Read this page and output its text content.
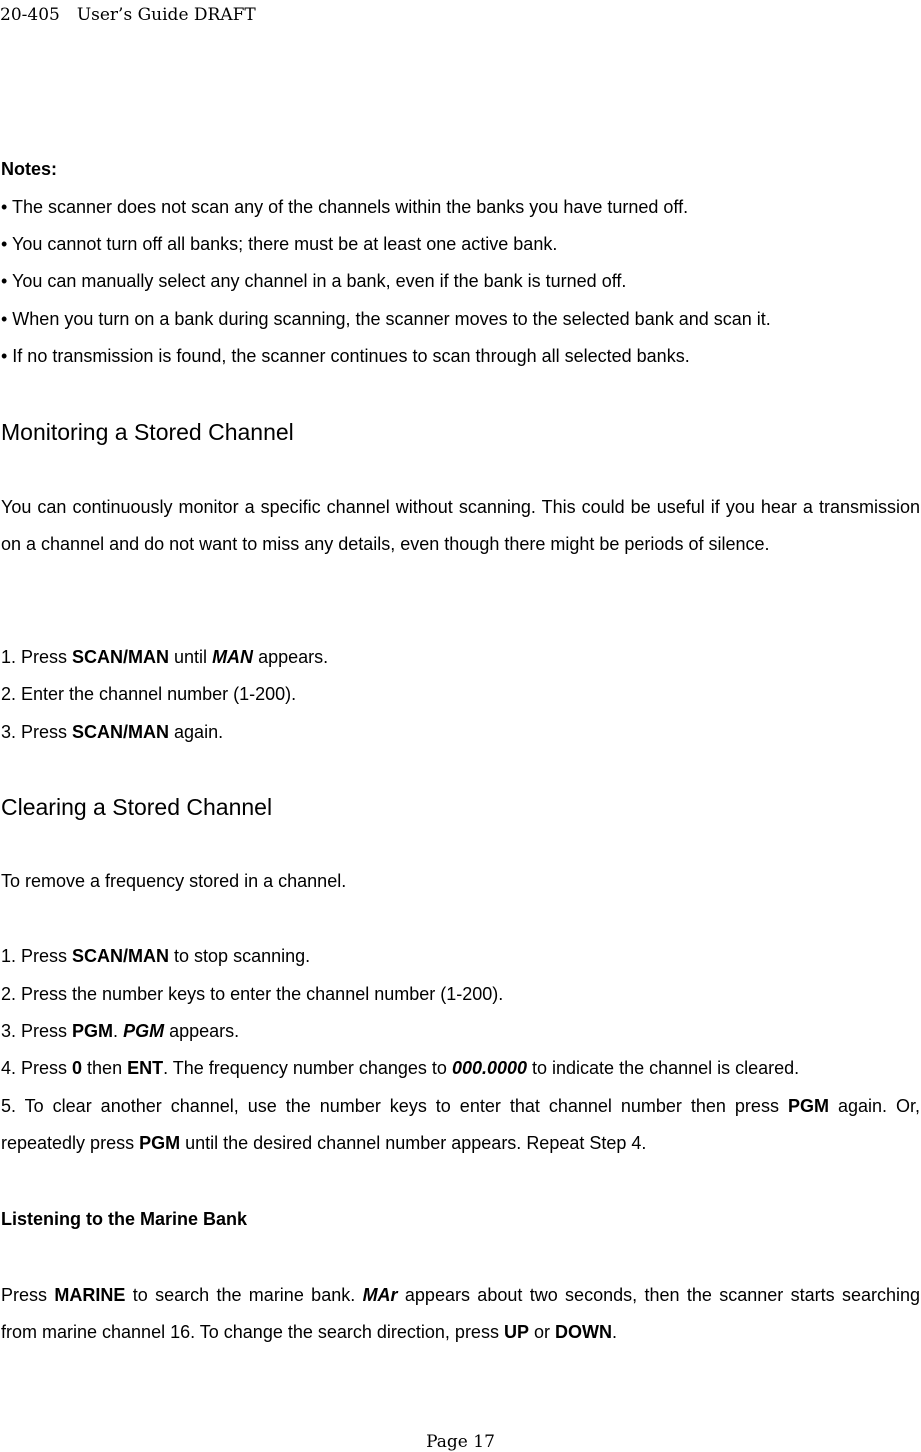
20-405　User’s Guide DRAFT
Notes:
• The scanner does not scan any of the channels within the banks you have turned off.
• You cannot turn off all banks; there must be at least one active bank.
• You can manually select any channel in a bank, even if the bank is turned off.
• When you turn on a bank during scanning, the scanner moves to the selected bank and scan it.
• If no transmission is found, the scanner continues to scan through all selected banks.
Monitoring a Stored Channel
You can continuously monitor a specific channel without scanning. This could be useful if you hear a transmission on a channel and do not want to miss any details, even though there might be periods of silence.
1. Press SCAN/MAN until MAN appears.
2. Enter the channel number (1-200).
3. Press SCAN/MAN again.
Clearing a Stored Channel
To remove a frequency stored in a channel.
1. Press SCAN/MAN to stop scanning.
2. Press the number keys to enter the channel number (1-200).
3. Press PGM. PGM appears.
4. Press 0 then ENT. The frequency number changes to 000.0000 to indicate the channel is cleared.
5. To clear another channel, use the number keys to enter that channel number then press PGM again. Or, repeatedly press PGM until the desired channel number appears. Repeat Step 4.
Listening to the Marine Bank
Press MARINE to search the marine bank. MAr appears about two seconds, then the scanner starts searching from marine channel 16. To change the search direction, press UP or DOWN.
Page 17
